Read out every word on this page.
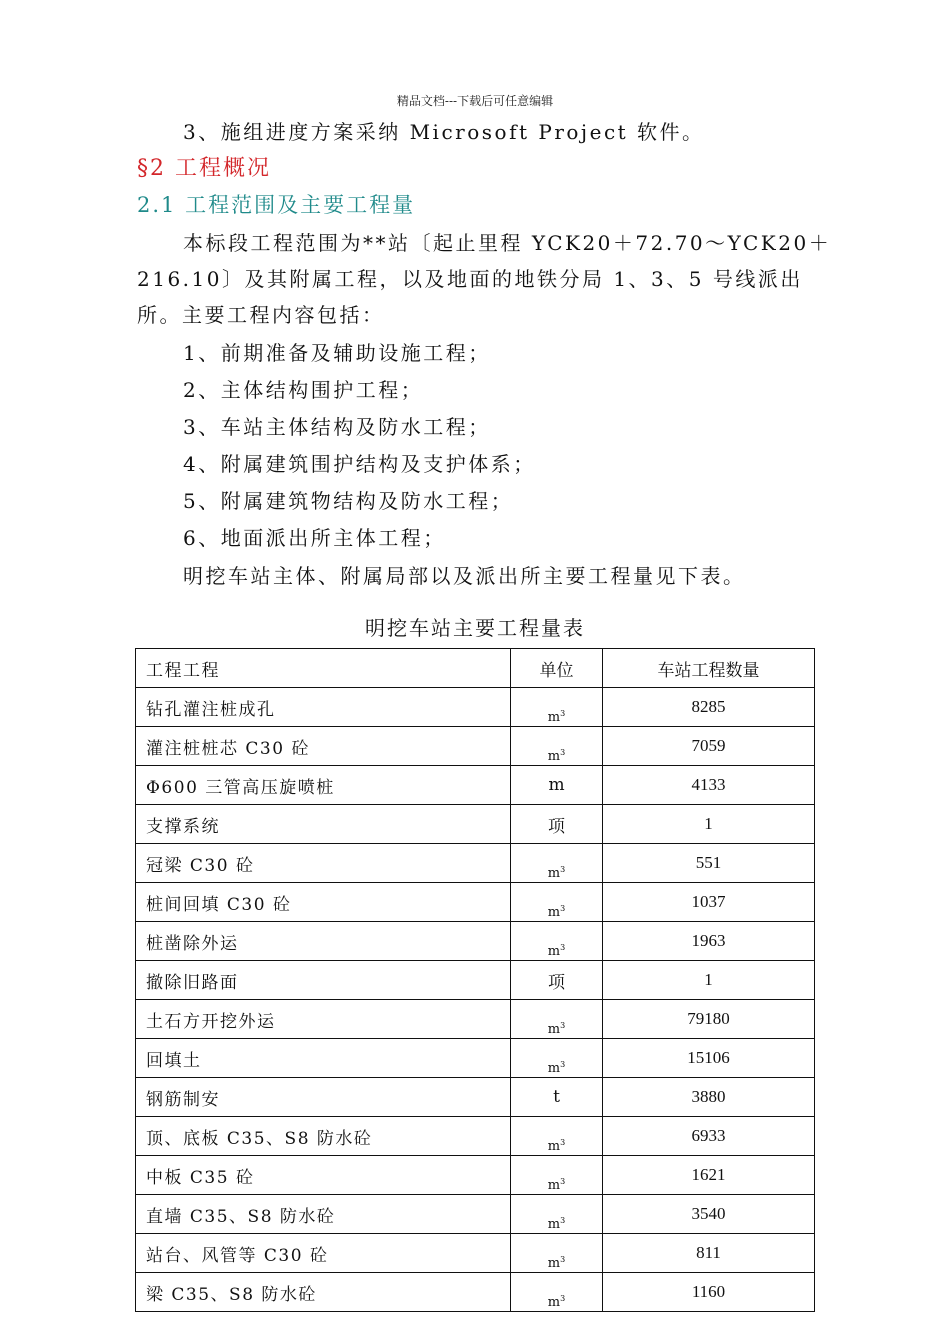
精品文档---下载后可任意编辑
3、施组进度方案采纳 Microsoft Project 软件。
§2 工程概况
2.1 工程范围及主要工程量
本标段工程范围为**站〔起止里程 YCK20＋72.70～YCK20＋
216.10〕及其附属工程，以及地面的地铁分局 1、3、5 号线派出
所。主要工程内容包括：
1、前期准备及辅助设施工程；
2、主体结构围护工程；
3、车站主体结构及防水工程；
4、附属建筑围护结构及支护体系；
5、附属建筑物结构及防水工程；
6、地面派出所主体工程；
明挖车站主体、附属局部以及派出所主要工程量见下表。
明挖车站主要工程量表
工程工程	单位	车站工程数量
钻孔灌注桩成孔	$m^3$	8285
灌注桩桩芯 C30 砼	$m^3$	7059
Φ600 三管高压旋喷桩	m	4133
支撑系统	项	1
冠梁 C30 砼	$m^3$	551
桩间回填 C30 砼	$m^3$	1037
桩凿除外运	$m^3$	1963
撤除旧路面	项	1
土石方开挖外运	$m^3$	79180
回填土	$m^3$	15106
钢筋制安	t	3880
顶、底板 C35、S8 防水砼	$m^3$	6933
中板 C35 砼	$m^3$	1621
直墙 C35、S8 防水砼	$m^3$	3540
站台、风管等 C30 砼	$m^3$	811
梁 C35、S8 防水砼	$m^3$	1160
